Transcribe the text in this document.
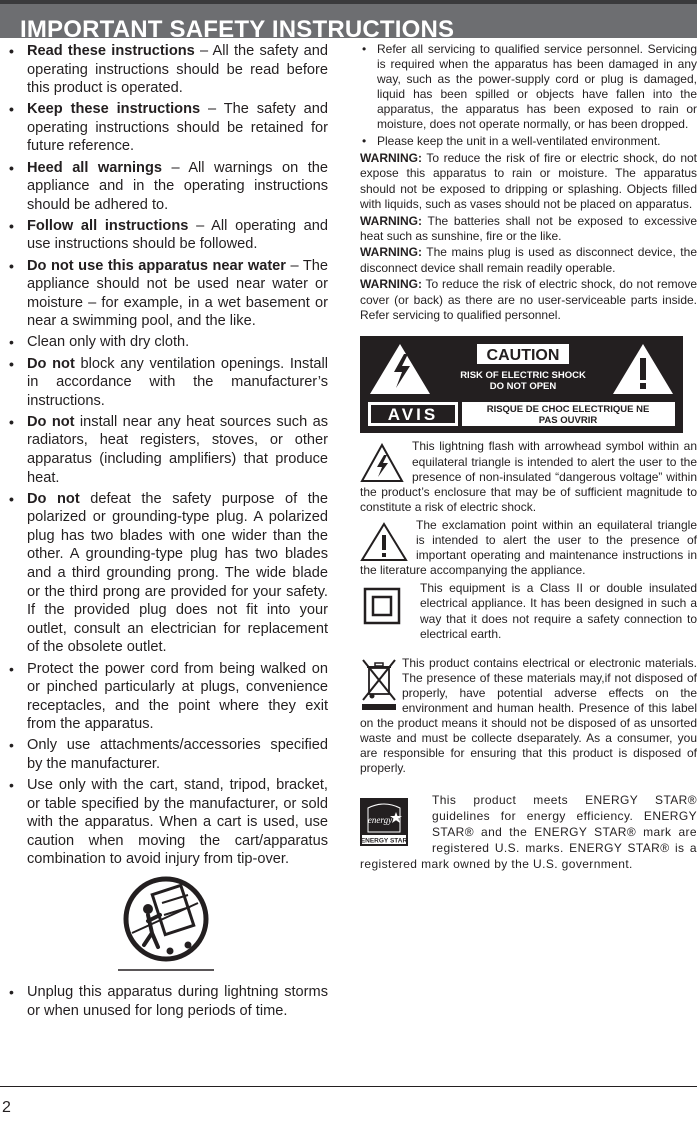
IMPORTANT SAFETY INSTRUCTIONS
• Read these instructions – All the safety and operating instructions should be read before this product is operated.
• Keep these instructions – The safety and operating instructions should be retained for future reference.
• Heed all warnings – All warnings on the appliance and in the operating instructions should be adhered to.
• Follow all instructions – All operating and use instructions should be followed.
• Do not use this apparatus near water – The appliance should not be used near water or moisture – for example, in a wet basement or near a swimming pool, and the like.
• Clean only with dry cloth.
• Do not block any ventilation openings. Install in accordance with the manufacturer’s instructions.
• Do not install near any heat sources such as radiators, heat registers, stoves, or other apparatus (including amplifiers) that produce heat.
• Do not defeat the safety purpose of the polarized or grounding-type plug. A polarized plug has two blades with one wider than the other. A grounding-type plug has two blades and a third grounding prong. The wide blade or the third prong are provided for your safety. If the provided plug does not fit into your outlet, consult an electrician for replacement of the obsolete outlet.
• Protect the power cord from being walked on or pinched particularly at plugs, convenience receptacles, and the point where they exit from the apparatus.
• Only use attachments/accessories specified by the manufacturer.
• Use only with the cart, stand, tripod, bracket, or table specified by the manufacturer, or sold with the apparatus. When a cart is used, use caution when moving the cart/apparatus combination to avoid injury from tip-over.
• Unplug this apparatus during lightning storms or when unused for long periods of time.
• Refer all servicing to qualified service personnel. Servicing is required when the apparatus has been damaged in any way, such as the power-supply cord or plug is damaged, liquid has been spilled or objects have fallen into the apparatus, the apparatus has been exposed to rain or moisture, does not operate normally, or has been dropped.
• Please keep the unit in a well-ventilated environment.

WARNING: To reduce the risk of fire or electric shock, do not expose this apparatus to rain or moisture. The apparatus should not be exposed to dripping or splashing. Objects filled with liquids, such as vases should not be placed on apparatus.

WARNING: The batteries shall not be exposed to excessive heat such as sunshine, fire or the like.

WARNING: The mains plug is used as disconnect device, the disconnect device shall remain readily operable.

WARNING: To reduce the risk of electric shock, do not remove cover (or back) as there are no user-serviceable parts inside. Refer servicing to qualified personnel.

CAUTION
RISK OF ELECTRIC SHOCK
DO NOT OPEN
AVIS	RISQUE DE CHOC ELECTRIQUE NE
PAS OUVRIR

This lightning flash with arrowhead symbol within an equilateral triangle is intended to alert the user to the presence of non-insulated “dangerous voltage” within the product’s enclosure that may be of sufficient magnitude to constitute a risk of electric shock.

The exclamation point within an equilateral triangle is intended to alert the user to the presence of important operating and maintenance instructions in the literature accompanying the appliance.

This equipment is a Class II or double insulated electrical appliance. It has been designed in such a way that it does not require a safety connection to electrical earth.

This product contains electrical or electronic materials. The presence of these materials may,if not disposed of properly, have potential adverse effects on the environment and human health. Presence of this label on the product means it should not be disposed of as unsorted waste and must be collecte dseparately. As a consumer, you are responsible for ensuring that this product is disposed of properly.

energy
ENERGY STAR

This product meets ENERGY STAR® guidelines for energy efficiency. ENERGY STAR® and the ENERGY STAR® mark are registered U.S. marks. ENERGY STAR® is a registered mark owned by the U.S. government.

2
